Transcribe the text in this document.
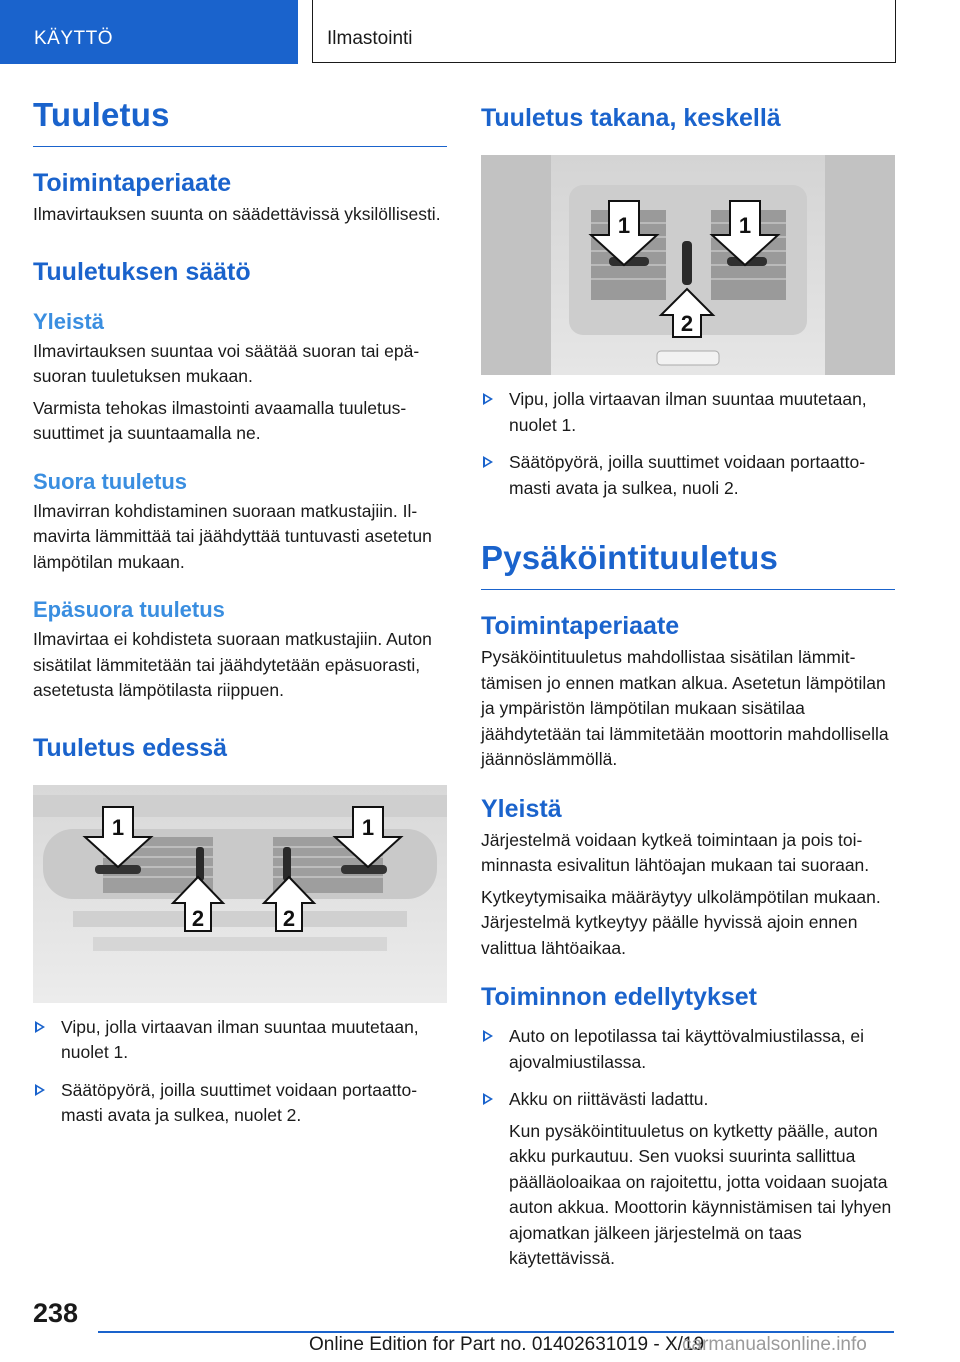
KÄYTTÖ	Ilmastointi
Tuuletus
Toimintaperiaate

Ilmavirtauksen suunta on säädettävissä yksilöllisesti.

Tuuletuksen säätö
Yleistä

Ilmavirtauksen suuntaa voi säätää suoran tai epäsuoran tuuletuksen mukaan.

Varmista tehokas ilmastointi avaamalla tuuletussuuttimet ja suuntaamalla ne.

Suora tuuletus

Ilmavirran kohdistaminen suoraan matkustajiin. Ilmavirta lämmittää tai jäähdyttää tuntuvasti asetetun lämpötilan mukaan.

Epäsuora tuuletus

Ilmavirtaa ei kohdisteta suoraan matkustajiin. Auton sisätilat lämmitetään tai jäähdytetään epäsuorasti, asetetusta lämpötilasta riippuen.

Tuuletus edessä
1	1
2	2
Vipu, jolla virtaavan ilman suuntaa muutetaan, nuolet 1.
Säätöpyörä, joilla suuttimet voidaan portaattomasti avata ja sulkea, nuolet 2.
Tuuletus takana, keskellä
1	1
2
Vipu, jolla virtaavan ilman suuntaa muutetaan, nuolet 1.
Säätöpyörä, joilla suuttimet voidaan portaattomasti avata ja sulkea, nuoli 2.
Pysäköintituuletus
Toimintaperiaate

Pysäköintituuletus mahdollistaa sisätilan lämmittämisen jo ennen matkan alkua. Asetetun lämpötilan ja ympäristön lämpötilan mukaan sisätilaa jäähdytetään tai lämmitetään moottorin mahdollisella jäännöslämmöllä.

Yleistä

Järjestelmä voidaan kytkeä toimintaan ja pois toiminnasta esivalitun lähtöajan mukaan tai suoraan.

Kytkeytymisaika määräytyy ulkolämpötilan mukaan. Järjestelmä kytkeytyy päälle hyvissä ajoin ennen valittua lähtöaikaa.

Toiminnon edellytykset
Auto on lepotilassa tai käyttövalmiustilassa, ei ajovalmiustilassa.
Akku on riittävästi ladattu.

Kun pysäköintituuletus on kytketty päälle, auton akku purkautuu. Sen vuoksi suurinta sallittua päälläoloaikaa on rajoitettu, jotta voidaan suojata auton akkua. Moottorin käynnistämisen tai lyhyen ajomatkan jälkeen järjestelmä on taas käytettävissä.

238
Online Edition for Part no. 01402631019 - X/19
carmanualsonline.info
